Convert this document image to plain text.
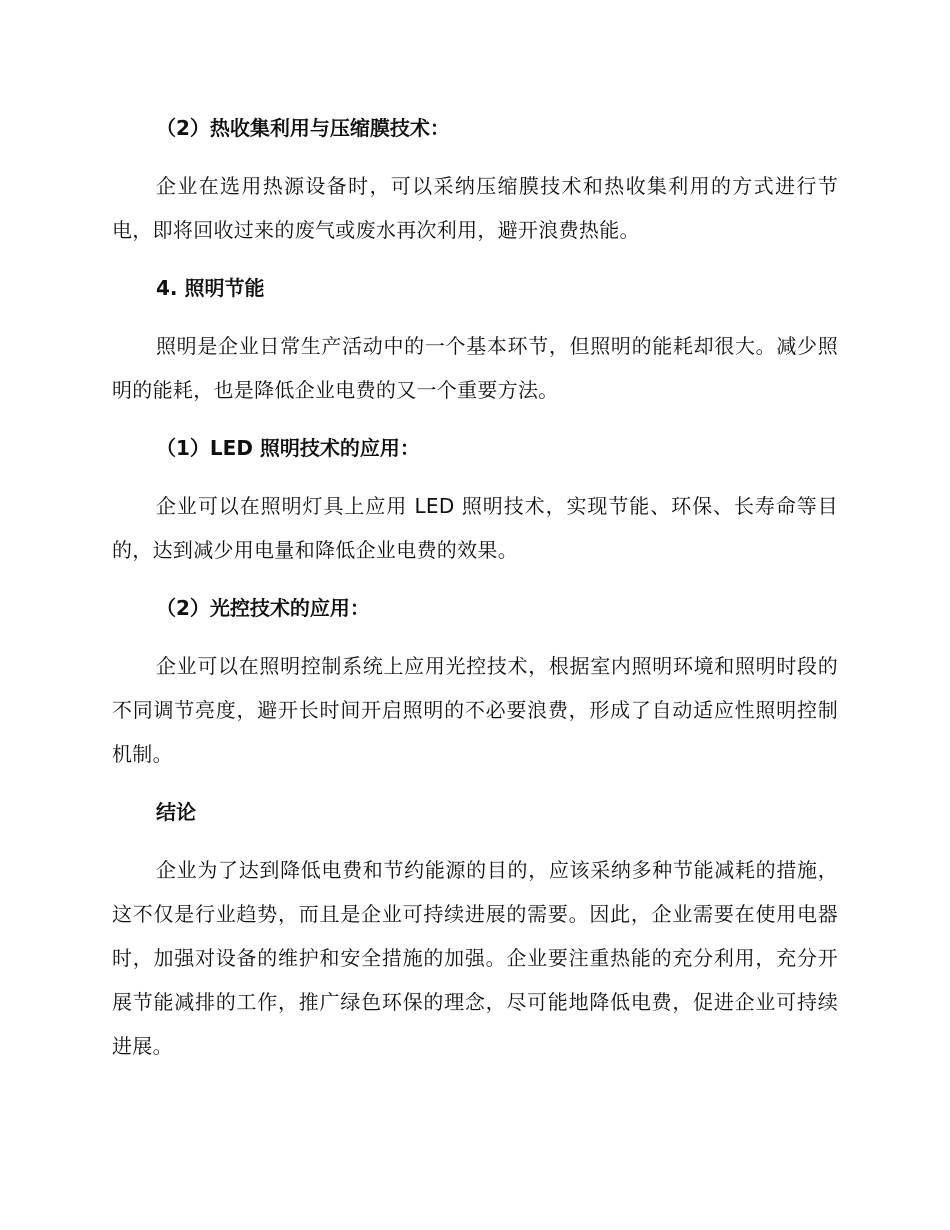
（2）热收集利用与压缩膜技术：
企业在选用热源设备时，可以采纳压缩膜技术和热收集利用的方式进行节电，即将回收过来的废气或废水再次利用，避开浪费热能。
4. 照明节能
照明是企业日常生产活动中的一个基本环节，但照明的能耗却很大。减少照明的能耗，也是降低企业电费的又一个重要方法。
（1）LED 照明技术的应用：
企业可以在照明灯具上应用 LED 照明技术，实现节能、环保、长寿命等目的，达到减少用电量和降低企业电费的效果。
（2）光控技术的应用：
企业可以在照明控制系统上应用光控技术，根据室内照明环境和照明时段的不同调节亮度，避开长时间开启照明的不必要浪费，形成了自动适应性照明控制机制。
结论
企业为了达到降低电费和节约能源的目的，应该采纳多种节能减耗的措施，这不仅是行业趋势，而且是企业可持续进展的需要。因此，企业需要在使用电器时，加强对设备的维护和安全措施的加强。企业要注重热能的充分利用，充分开展节能减排的工作，推广绿色环保的理念，尽可能地降低电费，促进企业可持续进展。
